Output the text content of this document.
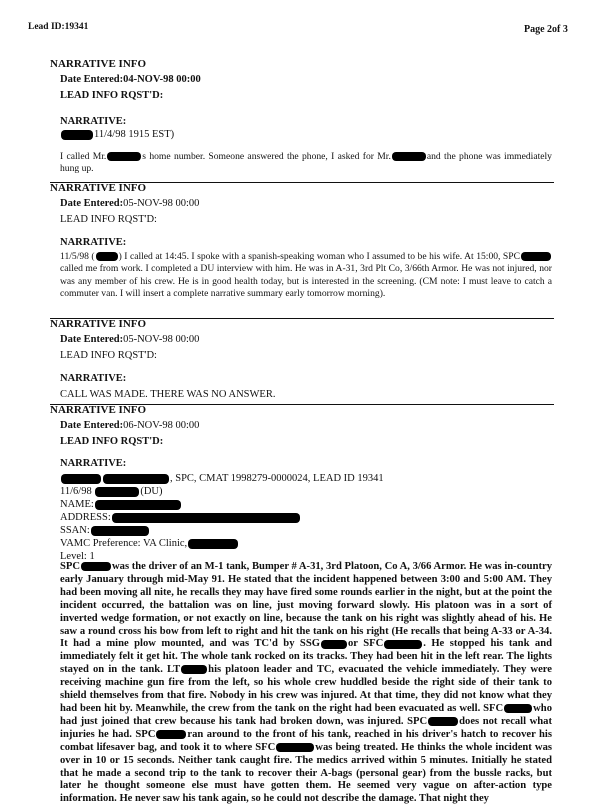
Lead ID:19341	Page 2of 3
NARRATIVE INFO
Date Entered:04-NOV-98 00:00
LEAD INFO RQST'D:
NARRATIVE:
11/4/98 1915 EST)
I called Mr.	s home number. Someone answered the phone, I asked for Mr.	and the phone was immediately hung up.
NARRATIVE INFO
Date Entered:05-NOV-98 00:00
LEAD INFO RQST'D:
NARRATIVE:
11/5/98 (	) I called at 14:45. I spoke with a spanish-speaking woman who I assumed to be his wife. At 15:00, SPCcalled me from work. I completed a DU interview with him. He was in A-31, 3rd Plt Co, 3/66th Armor. He was not injured, nor was any member of his crew. He is in good health today, but is interested in the screening. (CM note: I must leave to catch a commuter van. I will insert a complete narrative summary early tomorrow morning).
NARRATIVE INFO
Date Entered:05-NOV-98 00:00
LEAD INFO RQST'D:
NARRATIVE:
CALL WAS MADE. THERE WAS NO ANSWER.
NARRATIVE INFO
Date Entered:06-NOV-98 00:00
LEAD INFO RQST'D:
NARRATIVE:
, SPC, CMAT 1998279-0000024, LEAD ID 19341
11/6/98	(DU)
NAME:
ADDRESS:
SSAN:
VAMC Preference: VA Clinic,
Level: 1
SPC	was the driver of an M-1 tank, Bumper # A-31, 3rd Platoon, Co A, 3/66 Armor. He was in-country early January through mid-May 91. He stated that the incident happened between 3:00 and 5:00 AM. They had been moving all nite, he recalls they may have fired some rounds earlier in the night, but at the point the incident occurred, the battalion was on line, just moving forward slowly. His platoon was in a sort of inverted wedge formation, or not exactly on line, because the tank on his right was slightly ahead of his. He saw a round cross his bow from left to right and hit the tank on his right (He recalls that being A-33 or A-34. It had a mine plow mounted, and was TC'd by SSG	or SFC	. He stopped his tank and immediately felt it get hit. The whole tank rocked on its tracks. They had been hit in the left rear. The lights stayed on in the tank. LT	his platoon leader and TC, evacuated the vehicle immediately. They were receiving machine gun fire from the left, so his whole crew huddled beside the right side of their tank to shield themselves from that fire. Nobody in his crew was injured. At that time, they did not know what they had been hit by. Meanwhile, the crew from the tank on the right had been evacuated as well. SFC	who had just joined that crew because his tank had broken down, was injured. SPC	does not recall what injuries he had. SPC	ran around to the front of his tank, reached in his driver's hatch to recover his combat lifesaver bag, and took it to where SFC	was being treated. He thinks the whole incident was over in 10 or 15 seconds. Neither tank caught fire. The medics arrived within 5 minutes. Initially he stated that he made a second trip to the tank to recover their A-bags (personal gear) from the bussle racks, but later he thought someone else must have gotten them. He seemed very vague on after-action type information. He never saw his tank again, so he could not describe the damage. That night they
